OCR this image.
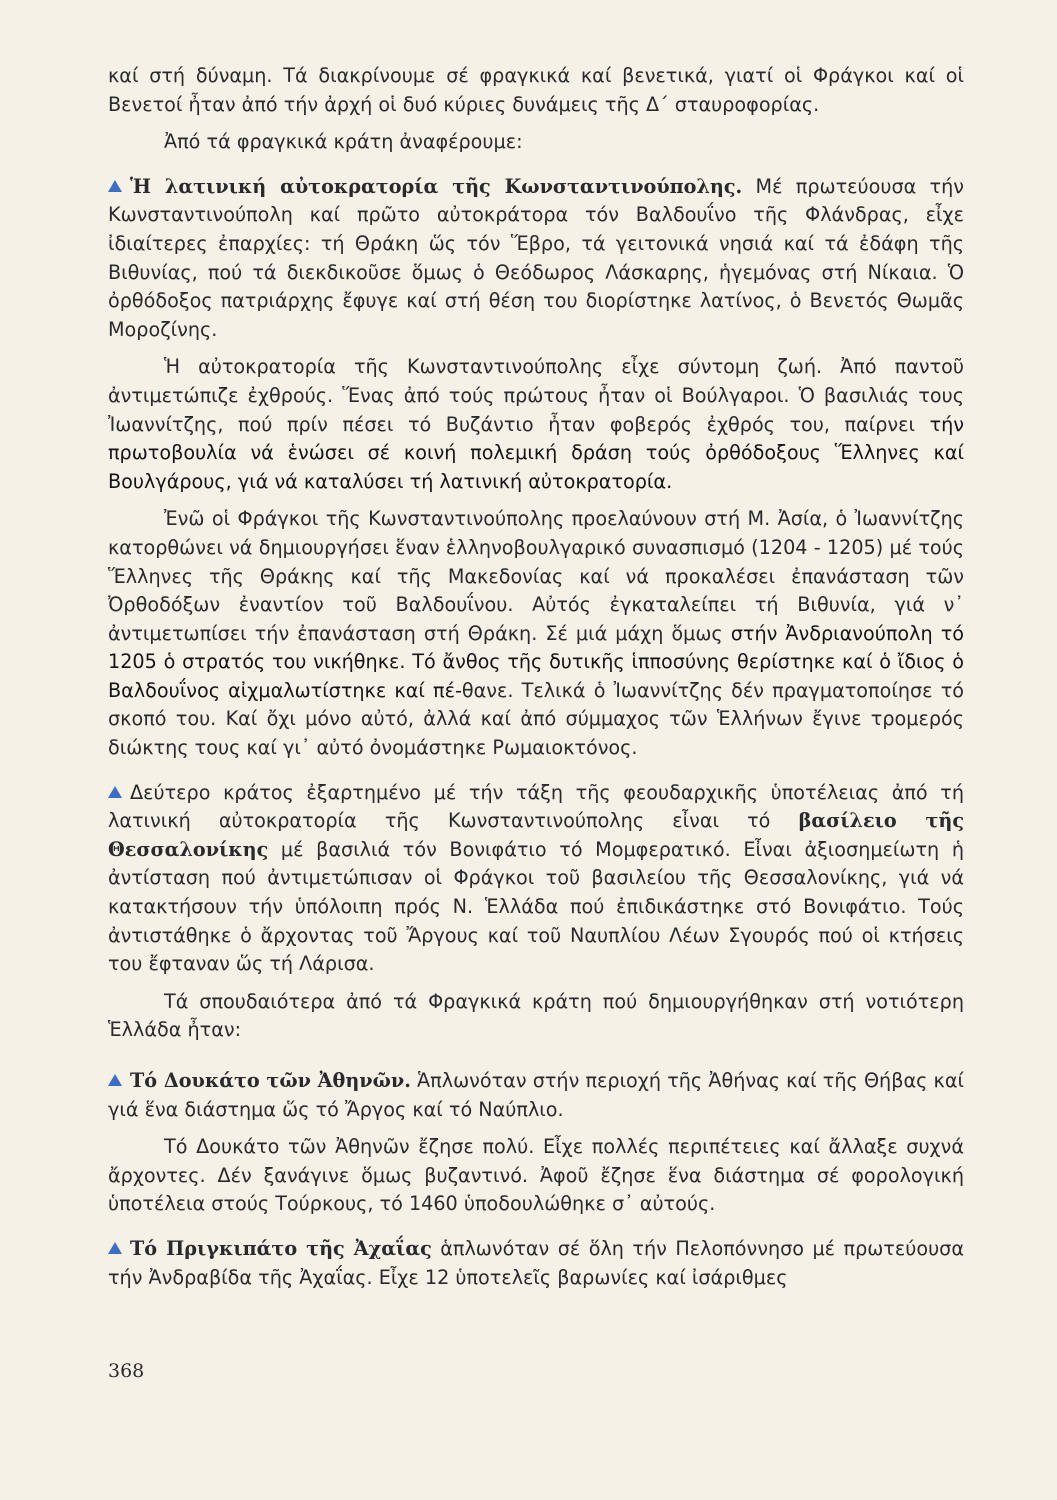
καί στή δύναμη. Τά διακρίνουμε σέ φραγκικά καί βενετικά, γιατί οἱ Φράγκοι καί οἱ Βενετοί ἦταν ἀπό τήν ἀρχή οἱ δυό κύριες δυνάμεις τῆς Δ΄ σταυροφορίας.

Ἀπό τά φραγκικά κράτη ἀναφέρουμε:

Ἡ λατινική αὐτοκρατορία τῆς Κωνσταντινούπολης. Μέ πρωτεύουσα τήν Κωνσταντινούπολη καί πρῶτο αὐτοκράτορα τόν Βαλδουΐνο τῆς Φλάνδρας, εἶχε ἰδιαίτερες ἐπαρχίες: τή Θράκη ὥς τόν Ἕβρο, τά γειτονικά νησιά καί τά ἐδάφη τῆς Βιθυνίας, πού τά διεκδικοῦσε ὅμως ὁ Θεόδωρος Λάσκαρης, ἡγεμόνας στή Νίκαια. Ὁ ὀρθόδοξος πατριάρχης ἔφυγε καί στή θέση του διορίστηκε λατίνος, ὁ Βενετός Θωμᾶς Μοροζίνης.

Ἡ αὐτοκρατορία τῆς Κωνσταντινούπολης εἶχε σύντομη ζωή. Ἀπό παντοῦ ἀντιμετώπιζε ἐχθρούς. Ἕνας ἀπό τούς πρώτους ἦταν οἱ Βούλγαροι. Ὁ βασιλιάς τους Ἰωαννίτζης, πού πρίν πέσει τό Βυζάντιο ἦταν φοβερός ἐχθρός του, παίρνει τήν πρωτοβουλία νά ἑνώσει σέ κοινή πολεμική δράση τούς ὀρθόδοξους Ἕλληνες καί Βουλγάρους, γιά νά καταλύσει τή λατινική αὐτοκρατορία.

Ἐνῶ οἱ Φράγκοι τῆς Κωνσταντινούπολης προελαύνουν στή Μ. Ἀσία, ὁ Ἰωαννίτζης κατορθώνει νά δημιουργήσει ἕναν ἑλληνοβουλγαρικό συνασπισμό (1204 - 1205) μέ τούς Ἕλληνες τῆς Θράκης καί τῆς Μακεδονίας καί νά προκαλέσει ἐπανάσταση τῶν Ὀρθοδόξων ἐναντίον τοῦ Βαλδουΐνου. Αὐτός ἐγκαταλείπει τή Βιθυνία, γιά ν᾽ ἀντιμετωπίσει τήν ἐπανάσταση στή Θράκη. Σέ μιά μάχη ὅμως στήν Ἀνδριανούπολη τό 1205 ὁ στρατός του νικήθηκε. Τό ἄνθος τῆς δυτικῆς ἱπποσύνης θερίστηκε καί ὁ ἴδιος ὁ Βαλδουΐνος αἰχμαλωτίστηκε καί πέ-θανε. Τελικά ὁ Ἰωαννίτζης δέν πραγματοποίησε τό σκοπό του. Καί ὄχι μόνο αὐτό, ἀλλά καί ἀπό σύμμαχος τῶν Ἑλλήνων ἔγινε τρομερός διώκτης τους καί γι᾽ αὐτό ὀνομάστηκε Ρωμαιοκτόνος.

Δεύτερο κράτος ἐξαρτημένο μέ τήν τάξη τῆς φεουδαρχικῆς ὑποτέλειας ἀπό τή λατινική αὐτοκρατορία τῆς Κωνσταντινούπολης εἶναι τό βασίλειο τῆς Θεσσαλονίκης μέ βασιλιά τόν Βονιφάτιο τό Μομφερατικό. Εἶναι ἀξιοσημείωτη ἡ ἀντίσταση πού ἀντιμετώπισαν οἱ Φράγκοι τοῦ βασιλείου τῆς Θεσσαλονίκης, γιά νά κατακτήσουν τήν ὑπόλοιπη πρός Ν. Ἑλλάδα πού ἐπιδικάστηκε στό Βονιφάτιο. Τούς ἀντιστάθηκε ὁ ἄρχοντας τοῦ Ἄργους καί τοῦ Ναυπλίου Λέων Σγουρός πού οἱ κτήσεις του ἔφταναν ὥς τή Λάρισα.

Τά σπουδαιότερα ἀπό τά Φραγκικά κράτη πού δημιουργήθηκαν στή νοτιότερη Ἑλλάδα ἦταν:

Τό Δουκάτο τῶν Ἀθηνῶν. Ἁπλωνόταν στήν περιοχή τῆς Ἀθήνας καί τῆς Θήβας καί γιά ἕνα διάστημα ὥς τό Ἄργος καί τό Ναύπλιο.

Τό Δουκάτο τῶν Ἀθηνῶν ἔζησε πολύ. Εἶχε πολλές περιπέτειες καί ἄλλαξε συχνά ἄρχοντες. Δέν ξανάγινε ὅμως βυζαντινό. Ἀφοῦ ἔζησε ἕνα διάστημα σέ φορολογική ὑποτέλεια στούς Τούρκους, τό 1460 ὑποδουλώθηκε σ᾽ αὐτούς.

Τό Πριγκιπάτο τῆς Ἀχαΐας ἁπλωνόταν σέ ὅλη τήν Πελοπόννησο μέ πρωτεύουσα τήν Ἀνδραβίδα τῆς Ἀχαΐας. Εἶχε 12 ὑποτελεῖς βαρωνίες καί ἰσάριθμες

368
